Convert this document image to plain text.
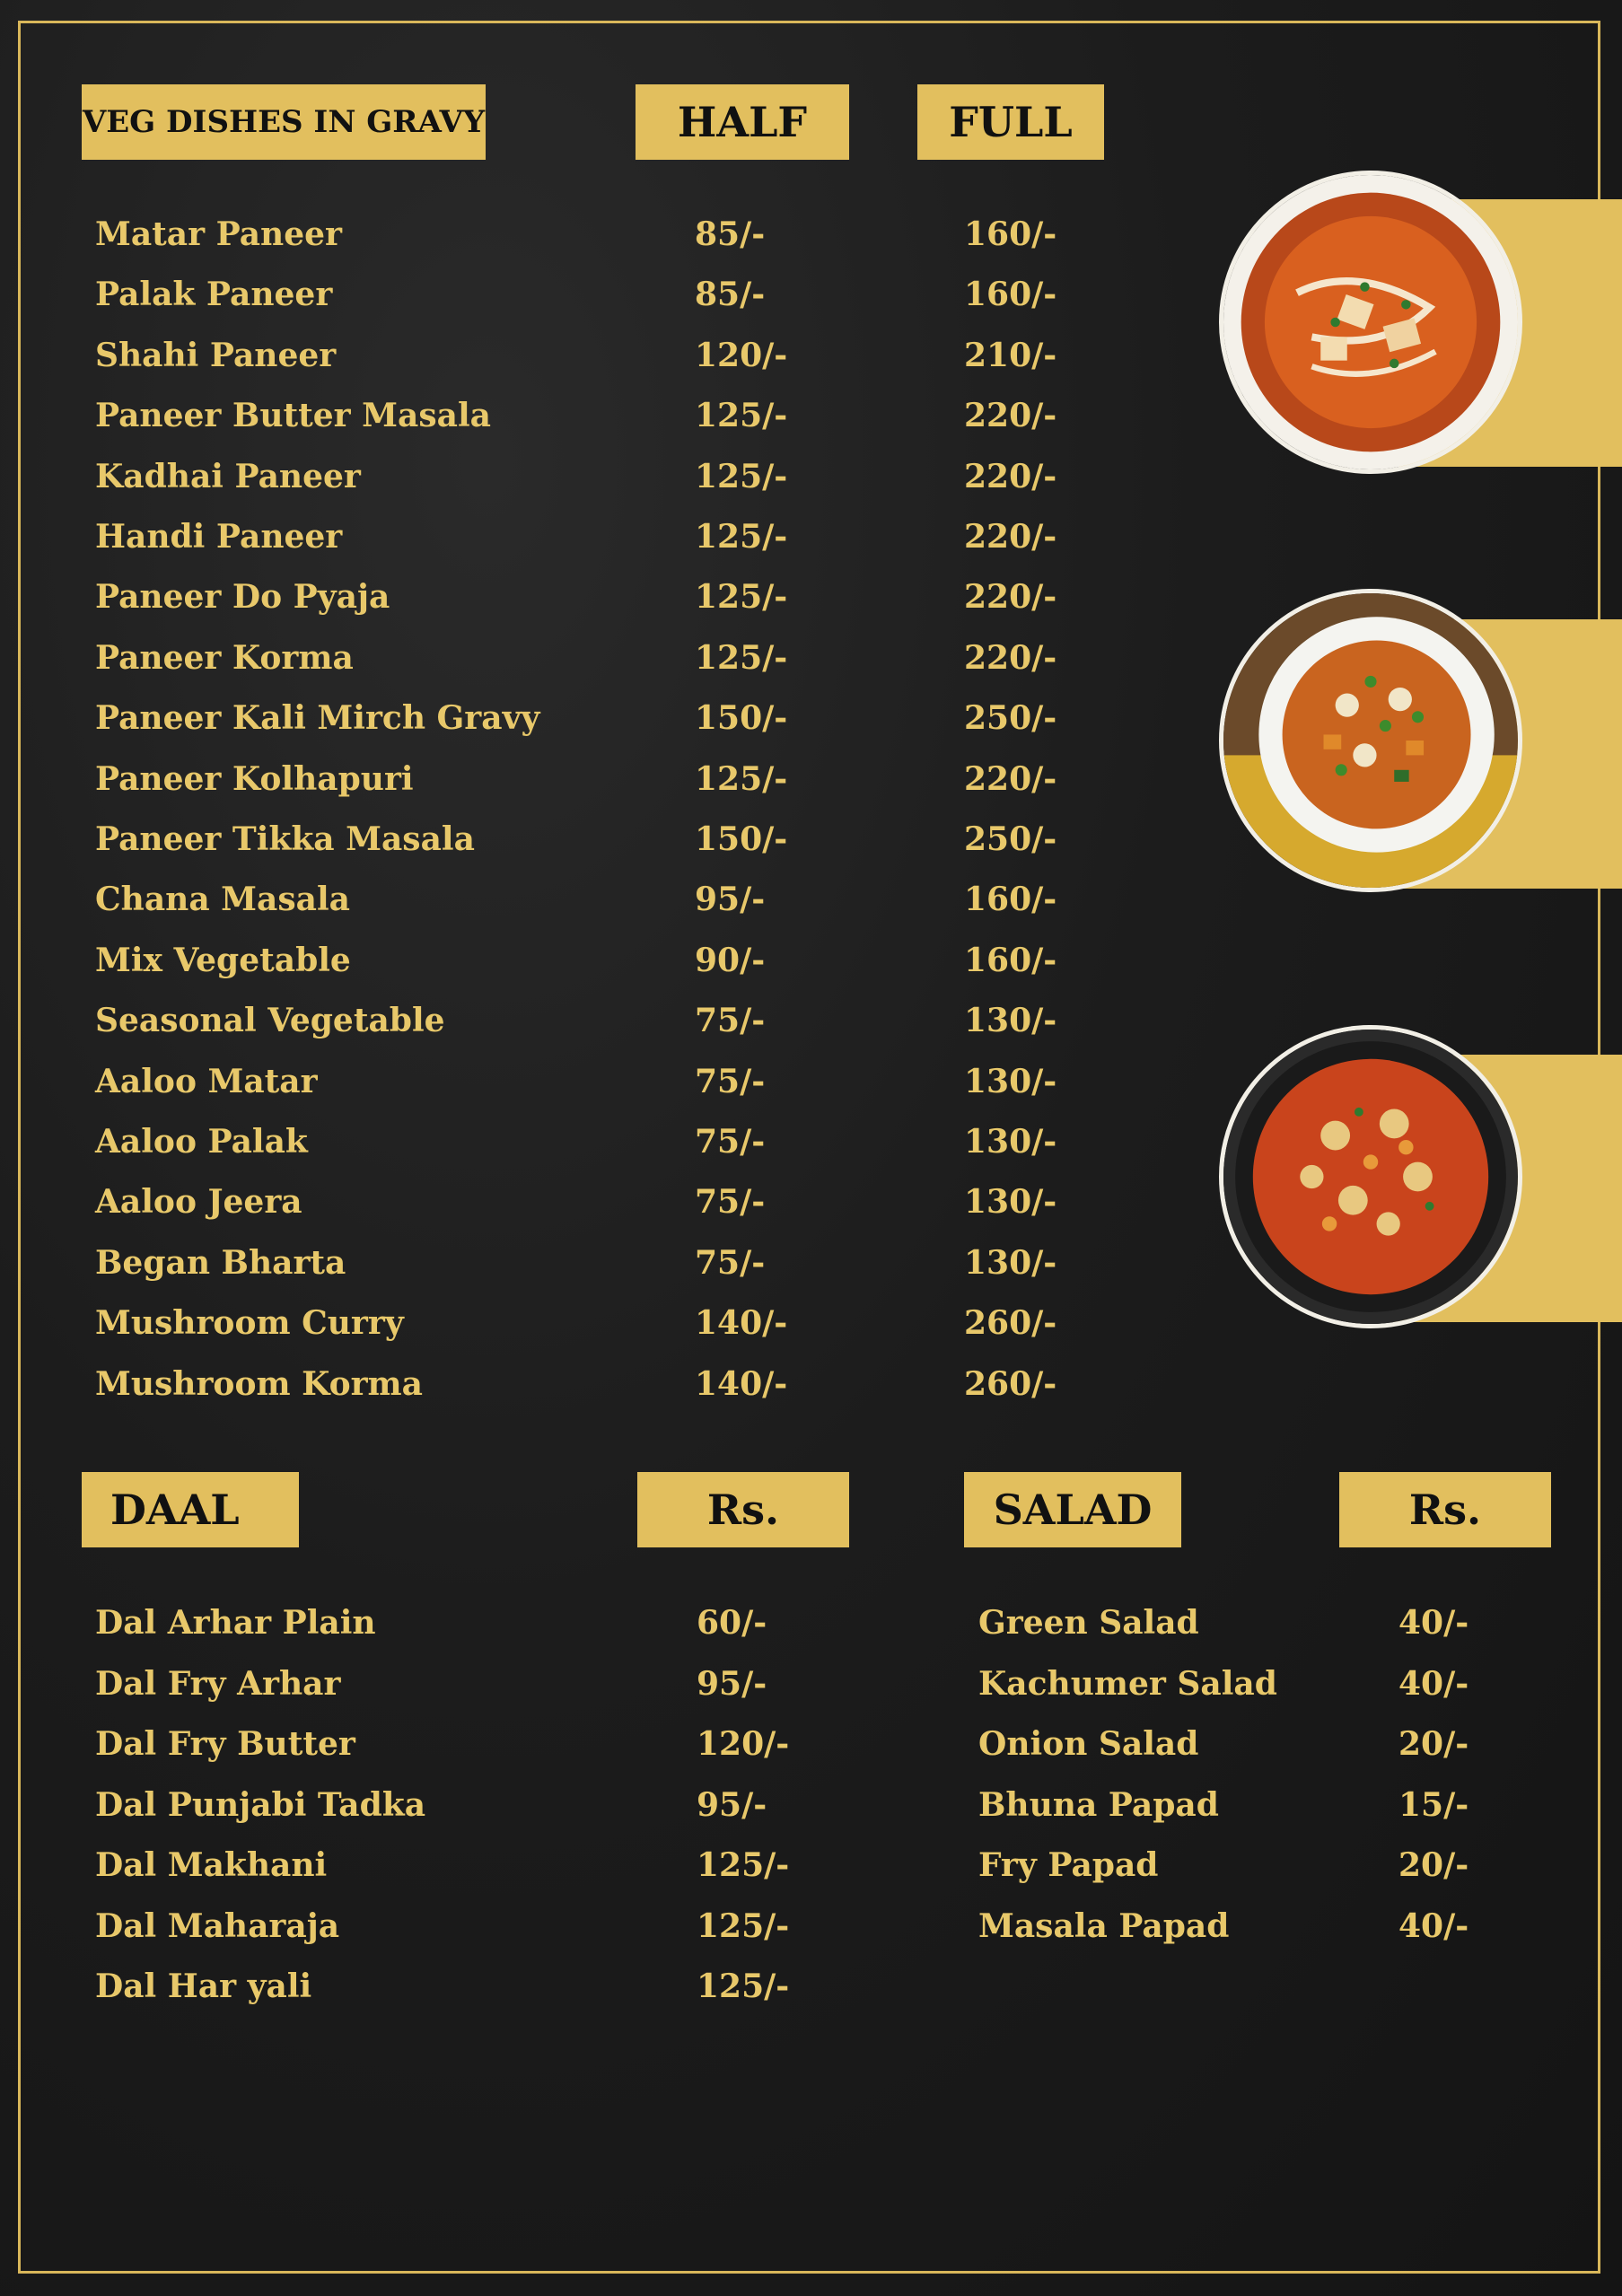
VEG DISHES IN GRAVY	HALF	FULL
Matar Paneer	85/-	160/-
Palak Paneer	85/-	160/-
Shahi Paneer	120/-	210/-
Paneer Butter Masala	125/-	220/-
Kadhai Paneer	125/-	220/-
Handi Paneer	125/-	220/-
Paneer Do Pyaja	125/-	220/-
Paneer Korma	125/-	220/-
Paneer Kali Mirch Gravy	150/-	250/-
Paneer Kolhapuri	125/-	220/-
Paneer Tikka Masala	150/-	250/-
Chana Masala	95/-	160/-
Mix Vegetable	90/-	160/-
Seasonal Vegetable	75/-	130/-
Aaloo Matar	75/-	130/-
Aaloo Palak	75/-	130/-
Aaloo Jeera	75/-	130/-
Began Bharta	75/-	130/-
Mushroom Curry	140/-	260/-
Mushroom Korma	140/-	260/-
DAAL	Rs.
Dal Arhar Plain	60/-
Dal Fry Arhar	95/-
Dal Fry Butter	120/-
Dal Punjabi Tadka	95/-
Dal Makhani	125/-
Dal Maharaja	125/-
Dal Har yali	125/-
SALAD	Rs.
Green Salad	40/-
Kachumer Salad	40/-
Onion Salad	20/-
Bhuna Papad	15/-
Fry Papad	20/-
Masala Papad	40/-
